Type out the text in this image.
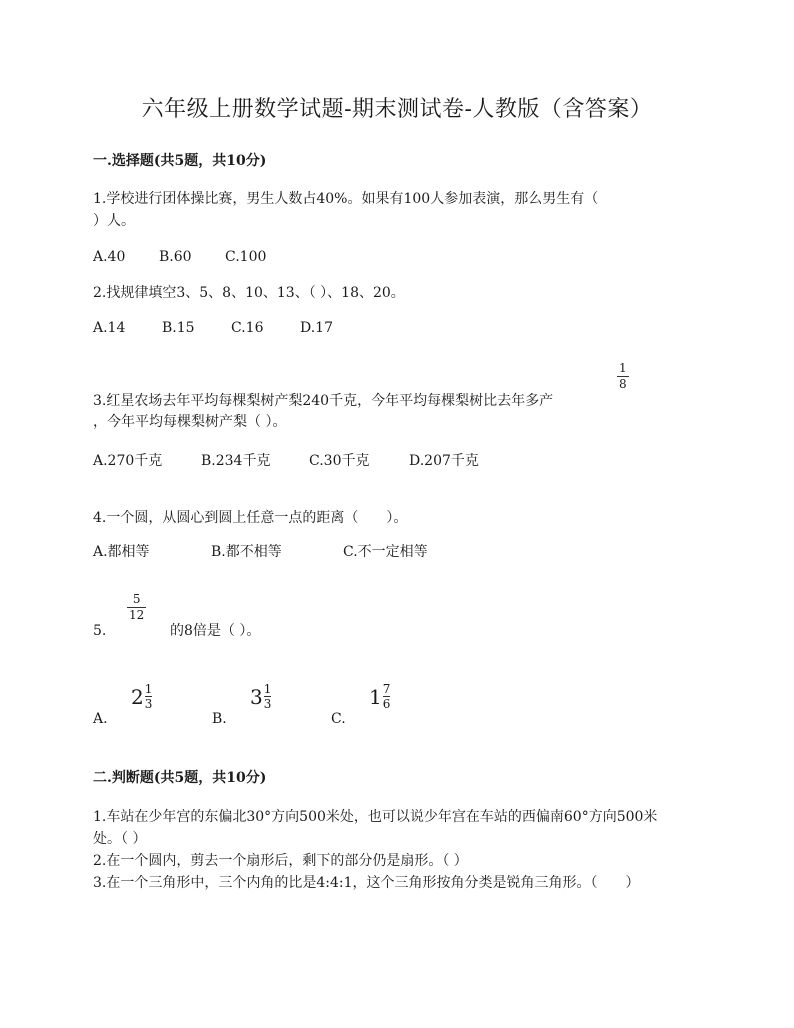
六年级上册数学试题-期末测试卷-人教版（含答案）
一.选择题(共5题，共10分)
1.学校进行团体操比赛，男生人数占40%。如果有100人参加表演，那么男生有（
）人。
A.40 B.60 C.100
2.找规律填空3、5、8、10、13、（ ）、18、20。
A.14	B.15	C.16	D.17
1
8
3.红星农场去年平均每棵梨树产梨240千克，今年平均每棵梨树比去年多产
，今年平均每棵梨树产梨（ ）。
A.270千克	B.234千克	C.30千克	D.207千克
4.一个圆，从圆心到圆上任意一点的距离（　　）。
A.都相等	B.都不相等	C.不一定相等
5.
5
12
的8倍是（ ）。
A.
2 1
3
B.
3 1
3
C.
1 7
6
二.判断题(共5题，共10分)
1.车站在少年宫的东偏北30°方向500米处，也可以说少年宫在车站的西偏南60°方向500米
处。（ ）
2.在一个圆内，剪去一个扇形后，剩下的部分仍是扇形。（ ）
3.在一个三角形中，三个内角的比是4:4:1，这个三角形按角分类是锐角三角形。（　　）
